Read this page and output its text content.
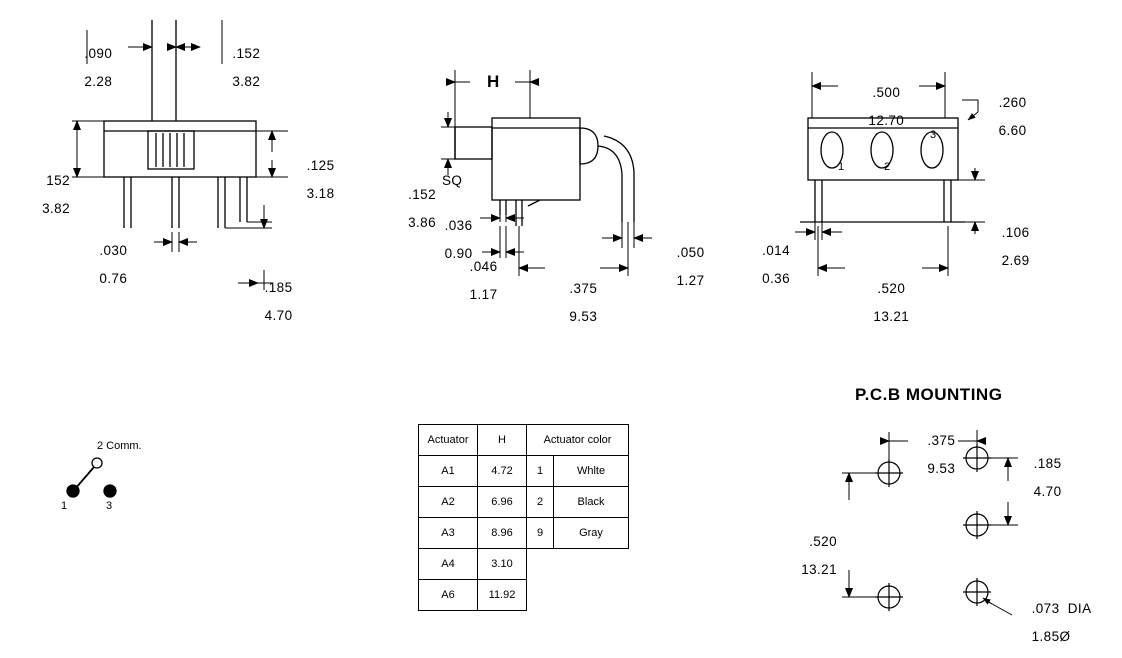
.090

2.28

.152

3.82

.125

3.18

152

3.82

.030

0.76

.185

4.70

H

.152

3.86

SQ

.036

0.90

.046

1.17
	.375

9.53

.050

1.27

.500

12.70

.260

6.60

.106

2.69

.014

0.36

.520

13.21

2 Comm.
1	3
1	2
3
Actuator	H	Actuator color	
A1	4.72	1	Whlte
A2	6.96	2	Black
A3	8.96	9	Gray
A4	3.10		
A6	11.92		
P.C.B MOUNTING

.375

9.53
	.185

4.70

.520

13.21

.073  DIA

1.85Ø
